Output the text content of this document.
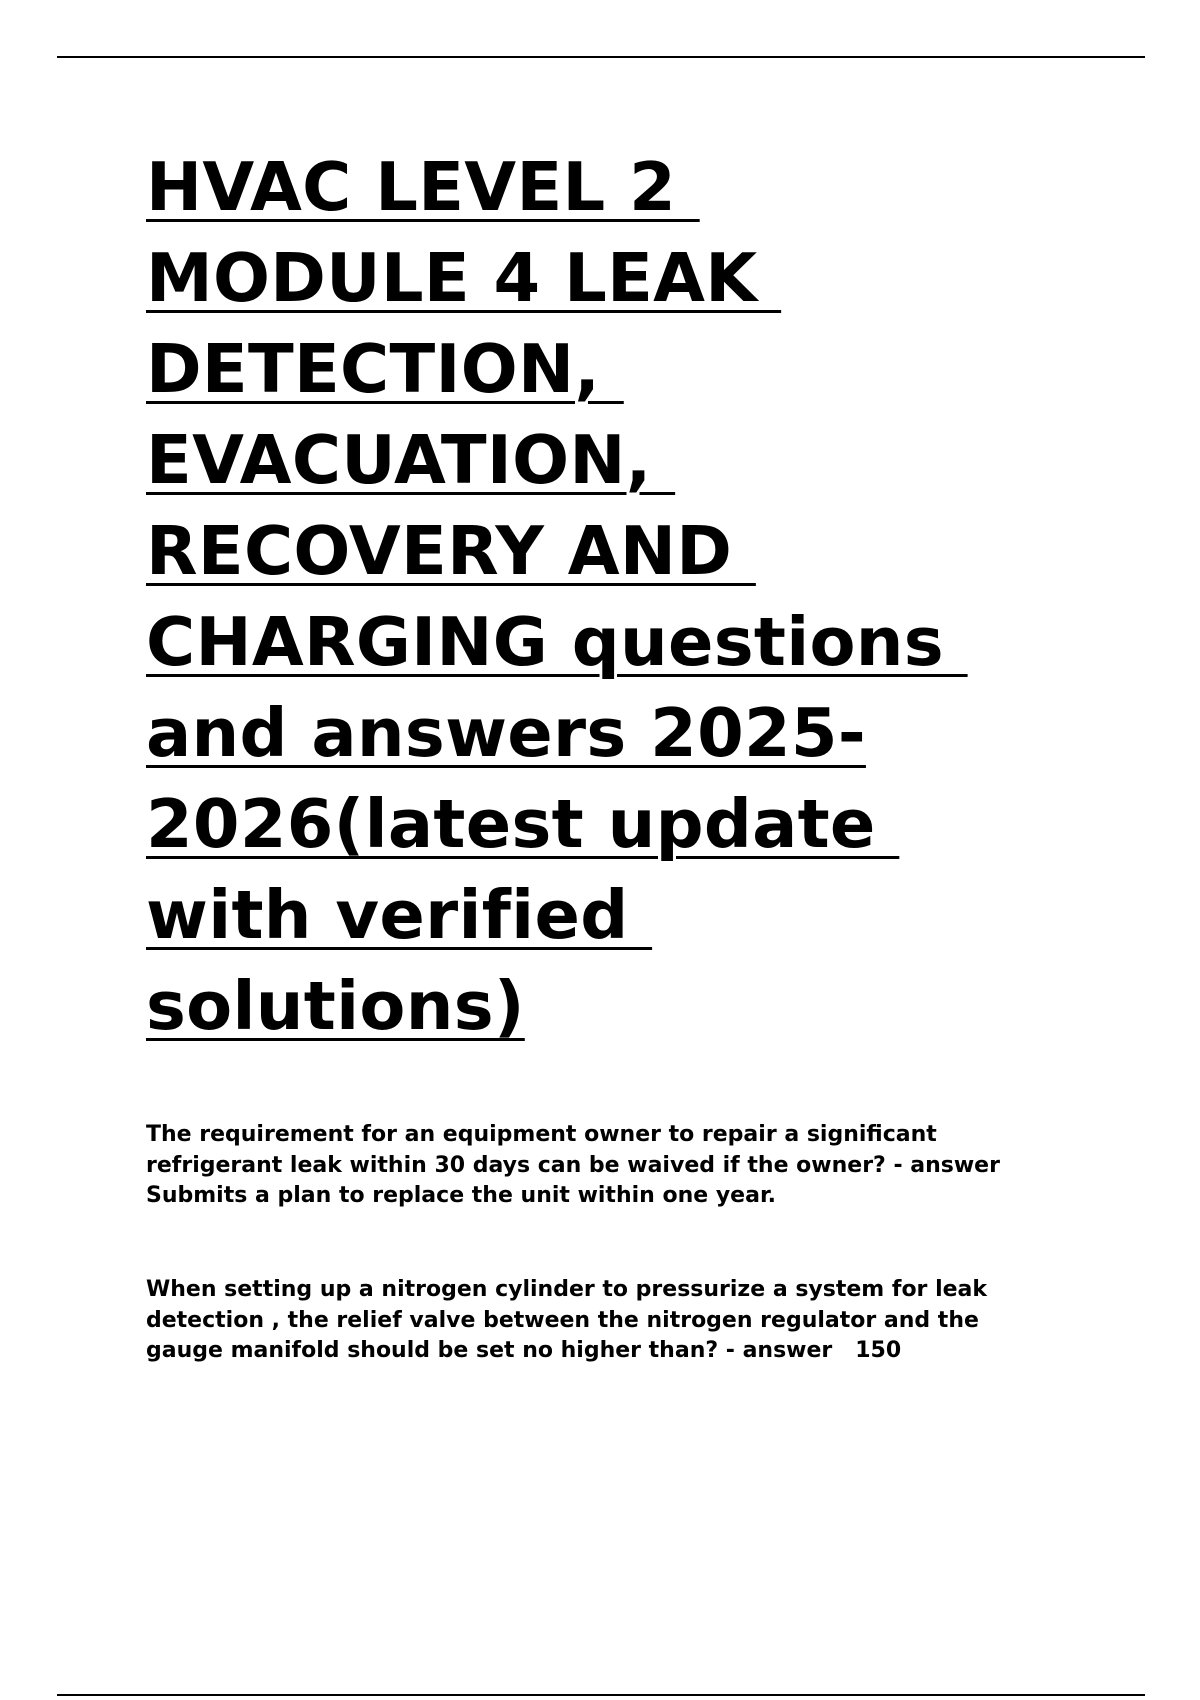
HVAC LEVEL 2
MODULE 4 LEAK
DETECTION,
EVACUATION,
RECOVERY AND
CHARGING questions
and answers 2025-
2026(latest update
with verified
solutions)

The requirement for an equipment owner to repair a significant
refrigerant leak within 30 days can be waived if the owner? - answer
Submits a plan to replace the unit within one year.

When setting up a nitrogen cylinder to pressurize a system for leak
detection , the relief valve between the nitrogen regulator and the
gauge manifold should be set no higher than? - answer   150
